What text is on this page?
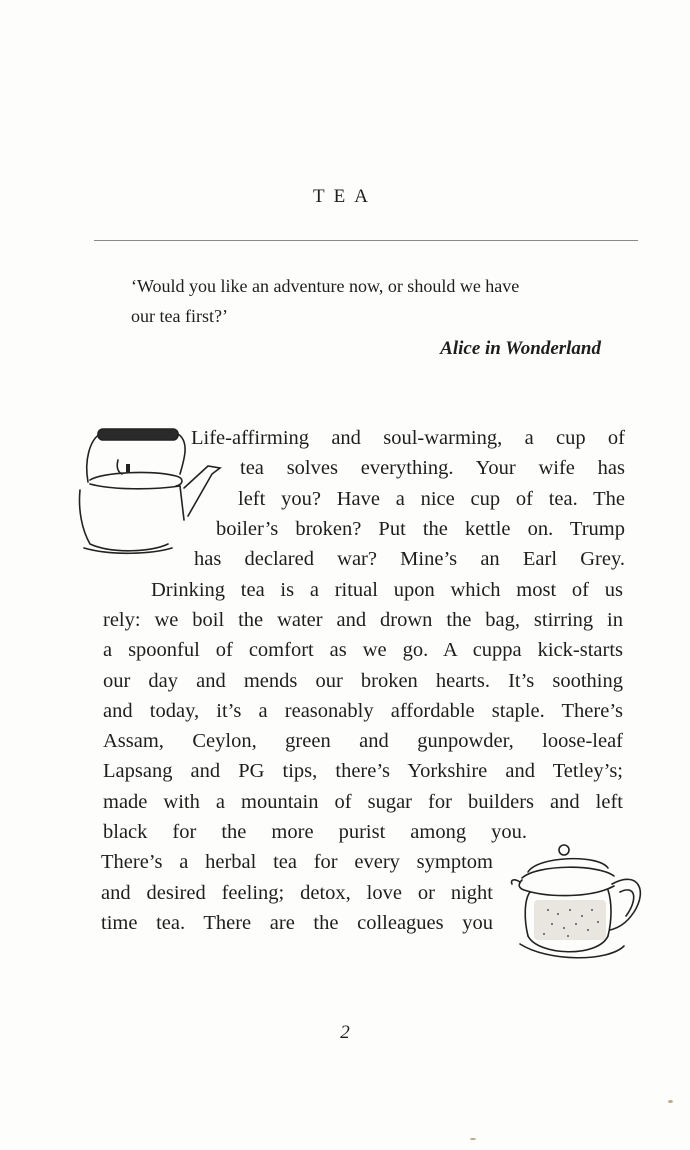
TEA
‘Would you like an adventure now, or should we have
our tea first?’
Alice in Wonderland
Life-affirming and soul-warming, a cup of
tea solves everything. Your wife has
left you? Have a nice cup of tea. The
boiler’s broken? Put the kettle on. Trump
has declared war? Mine’s an Earl Grey.
Drinking tea is a ritual upon which most of us
rely: we boil the water and drown the bag, stirring in
a spoonful of comfort as we go. A cuppa kick-starts
our day and mends our broken hearts. It’s soothing
and today, it’s a reasonably affordable staple. There’s
Assam, Ceylon, green and gunpowder, loose-leaf
Lapsang and PG tips, there’s Yorkshire and Tetley’s;
made with a mountain of sugar for builders and left
black for the more purist among you.
There’s a herbal tea for every symptom
and desired feeling; detox, love or night
time tea. There are the colleagues you
2
